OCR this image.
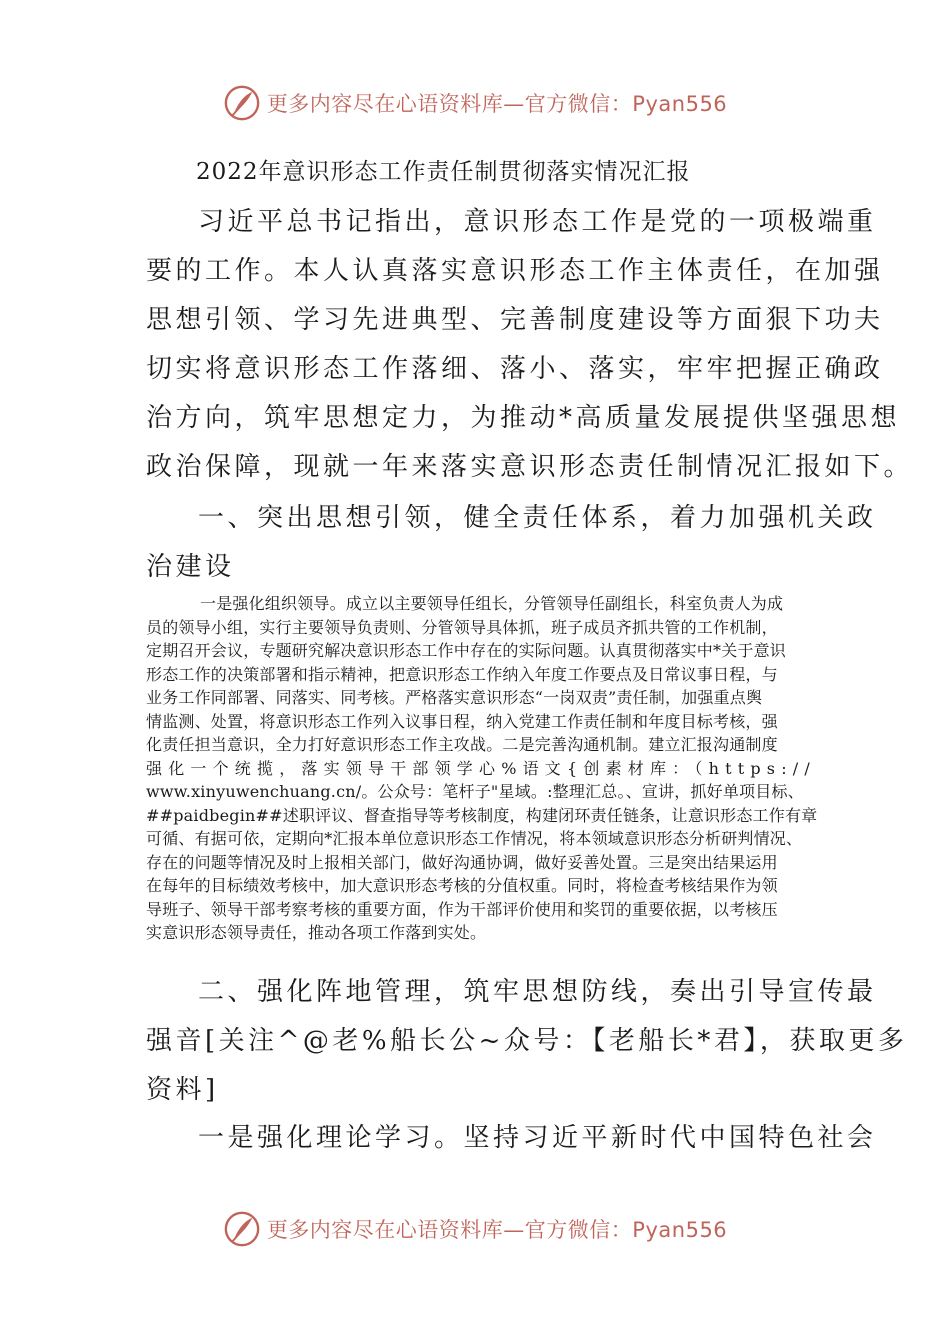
更多内容尽在心语资料库—官方微信：Pyan556
2022年意识形态工作责任制贯彻落实情况汇报
习近平总书记指出，意识形态工作是党的一项极端重
要的工作。本人认真落实意识形态工作主体责任，在加强
思想引领、学习先进典型、完善制度建设等方面狠下功夫
切实将意识形态工作落细、落小、落实，牢牢把握正确政
治方向，筑牢思想定力，为推动*高质量发展提供坚强思想
政治保障，现就一年来落实意识形态责任制情况汇报如下。
一、突出思想引领，健全责任体系，着力加强机关政
治建设
一是强化组织领导。成立以主要领导任组长，分管领导任副组长，科室负责人为成
员的领导小组，实行主要领导负责则、分管领导具体抓，班子成员齐抓共管的工作机制，
定期召开会议，专题研究解决意识形态工作中存在的实际问题。认真贯彻落实中*关于意识
形态工作的决策部署和指示精神，把意识形态工作纳入年度工作要点及日常议事日程，与
业务工作同部署、同落实、同考核。严格落实意识形态“一岗双责”责任制，加强重点舆
情监测、处置，将意识形态工作列入议事日程，纳入党建工作责任制和年度目标考核，强
化责任担当意识，全力打好意识形态工作主攻战。二是完善沟通机制。建立汇报沟通制度
强化一个统揽，落实领导干部领学心%语文{创素材库：（https://
www.xinyuwenchuang.cn/。公众号：笔杆子"星域。:整理汇总。、宣讲，抓好单项目标、
##paidbegin##述职评议、督查指导等考核制度，构建闭环责任链条，让意识形态工作有章
可循、有据可依，定期向*汇报本单位意识形态工作情况，将本领域意识形态分析研判情况、
存在的问题等情况及时上报相关部门，做好沟通协调，做好妥善处置。三是突出结果运用
在每年的目标绩效考核中，加大意识形态考核的分值权重。同时，将检查考核结果作为领
导班子、领导干部考察考核的重要方面，作为干部评价使用和奖罚的重要依据，以考核压
实意识形态领导责任，推动各项工作落到实处。
二、强化阵地管理，筑牢思想防线，奏出引导宣传最
强音[关注^@老%船长公~众号：【老船长*君】，获取更多
资料]
一是强化理论学习。坚持习近平新时代中国特色社会
更多内容尽在心语资料库—官方微信：Pyan556
